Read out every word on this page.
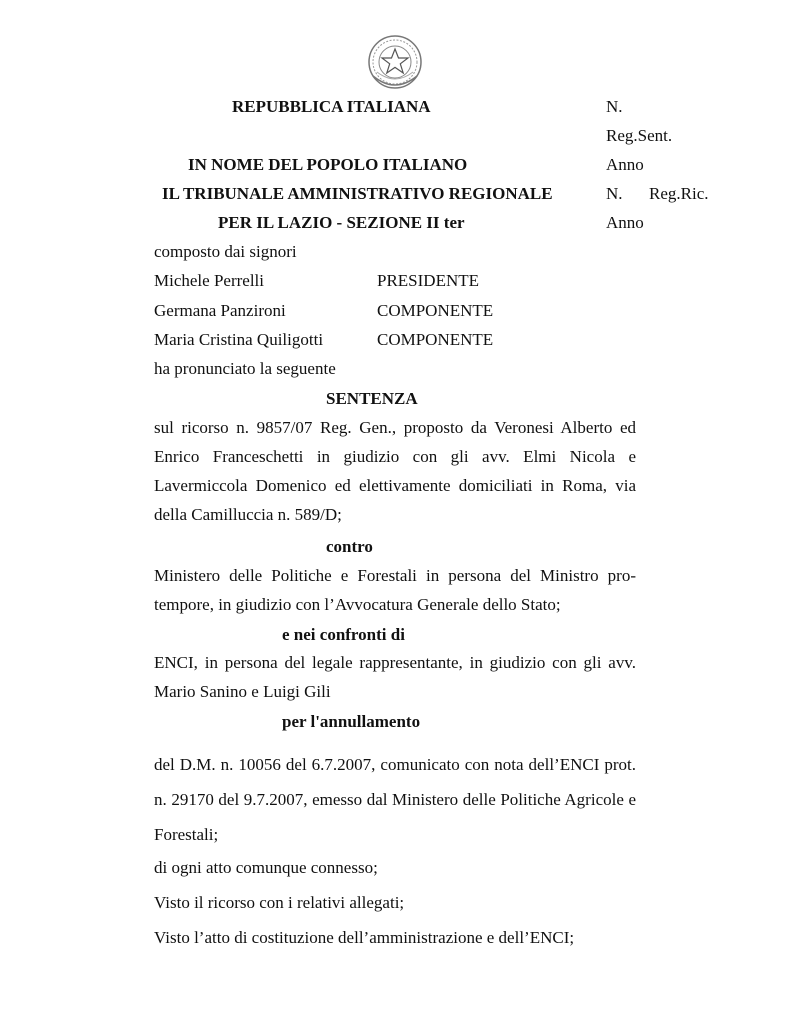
REPUBBLICA ITALIANA
IN NOME DEL POPOLO ITALIANO
IL TRIBUNALE AMMINISTRATIVO REGIONALE
PER IL LAZIO - SEZIONE II ter
N.
Reg.Sent.
Anno
N. Reg.Ric.
Anno
composto dai signori
Michele Perrelli	PRESIDENTE
Germana Panzironi	COMPONENTE
Maria Cristina Quiligotti	COMPONENTE
ha pronunciato la seguente
SENTENZA
sul ricorso n. 9857/07 Reg. Gen., proposto da Veronesi Alberto ed Enrico Franceschetti in giudizio con gli avv. Elmi Nicola e Lavermiccola Domenico ed elettivamente domiciliati in Roma, via della Camilluccia n. 589/D;
contro
Ministero delle Politiche e Forestali in persona del Ministro pro-tempore, in giudizio con l’Avvocatura Generale dello Stato;
e nei confronti di
ENCI, in persona del legale rappresentante, in giudizio con gli avv. Mario Sanino e Luigi Gili
per l'annullamento
del D.M. n. 10056 del 6.7.2007, comunicato con nota dell’ENCI prot. n. 29170 del 9.7.2007, emesso dal Ministero delle Politiche Agricole e Forestali;
di ogni atto comunque connesso;
Visto il ricorso con i relativi allegati;
Visto l’atto di costituzione dell’amministrazione e dell’ENCI;
